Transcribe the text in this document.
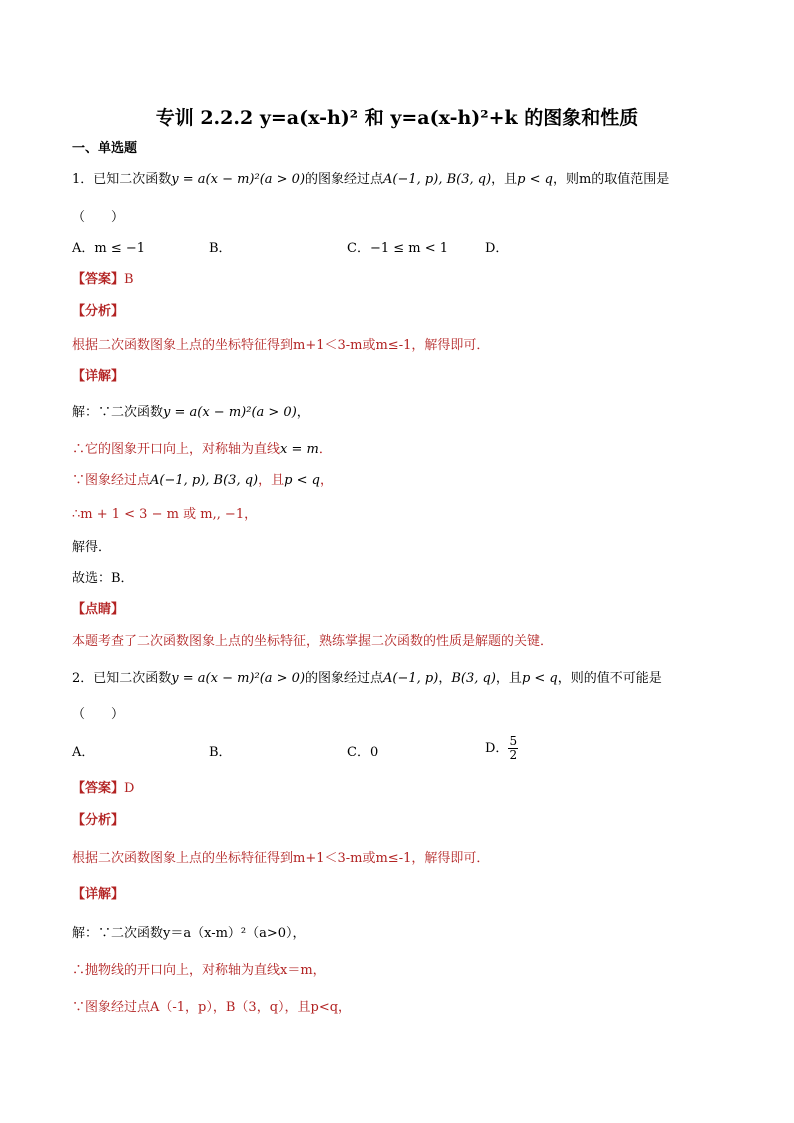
专训 2.2.2 y=a(x-h)² 和 y=a(x-h)²+k 的图象和性质
一、单选题
1．已知二次函数y = a(x − m)²(a > 0)的图象经过点A(−1, p), B(3, q)，且p < q，则m的取值范围是
（　　）
A．m ≤ −1	B．	C．−1 ≤ m < 1	D．
【答案】B
【分析】
根据二次函数图象上点的坐标特征得到m+1＜3-m或m≤-1，解得即可．
【详解】
解：∵二次函数y = a(x − m)²(a > 0)，
∴它的图象开口向上，对称轴为直线x = m．
∵图象经过点A(−1, p), B(3, q)，且p < q，
∴m + 1 < 3 − m 或 m‚‚ −1，
解得．
故选：B．
【点睛】
本题考查了二次函数图象上点的坐标特征，熟练掌握二次函数的性质是解题的关键．
2．已知二次函数y = a(x − m)²(a > 0)的图象经过点A(−1, p)，B(3, q)，且p < q，则的值不可能是
（　　）
A．	B．	C．0	D． $\frac{5}{2}$
【答案】D
【分析】
根据二次函数图象上点的坐标特征得到m+1＜3-m或m≤-1，解得即可．
【详解】
解：∵二次函数y＝a（x-m）²（a>0），
∴抛物线的开口向上，对称轴为直线x＝m，
∵图象经过点A（-1，p），B（3，q），且p<q，
